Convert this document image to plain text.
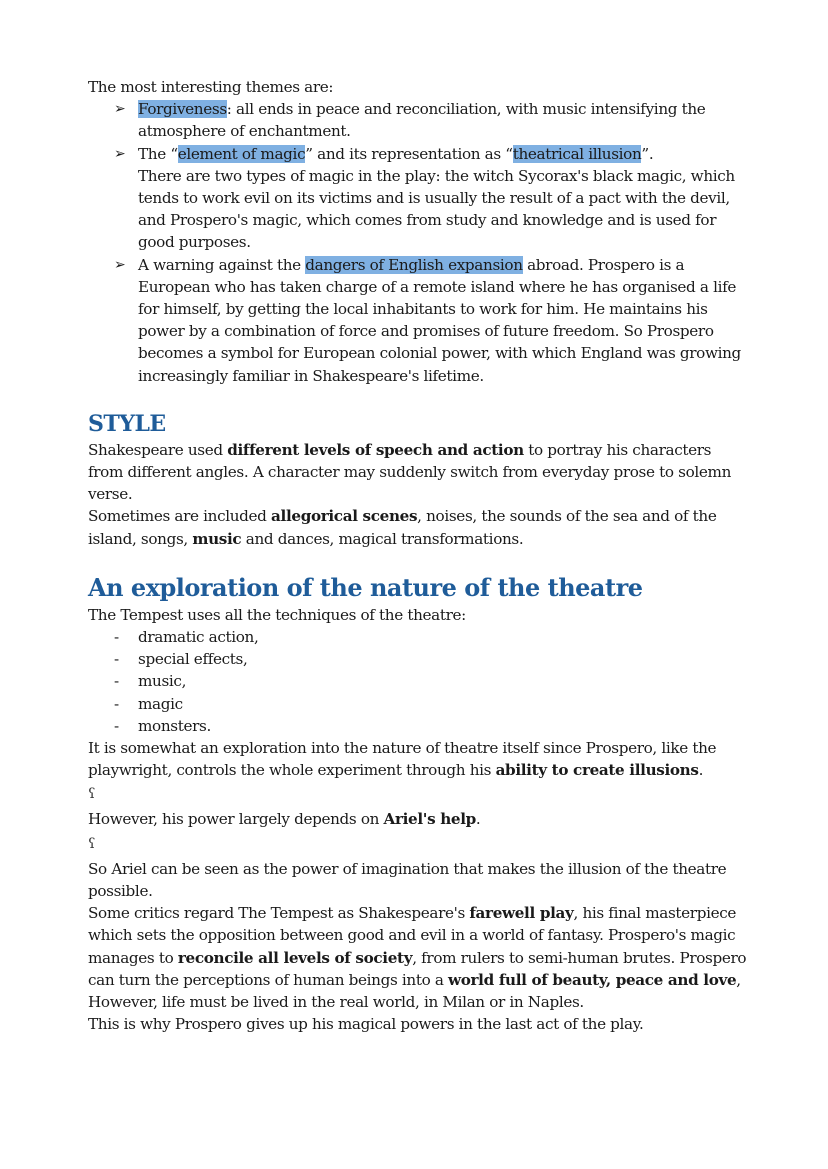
The most interesting themes are:

➢ Forgiveness: all ends in peace and reconciliation, with music intensifying the atmosphere of enchantment.
➢ The “element of magic” and its representation as “theatrical illusion”.
There are two types of magic in the play: the witch Sycorax's black magic, which tends to work evil on its victims and is usually the result of a pact with the devil, and Prospero's magic, which comes from study and knowledge and is used for good purposes.
➢ A warning against the dangers of English expansion abroad. Prospero is a European who has taken charge of a remote island where he has organised a life for himself, by getting the local inhabitants to work for him. He maintains his power by a combination of force and promises of future freedom. So Prospero becomes a symbol for European colonial power, with which England was growing increasingly familiar in Shakespeare's lifetime.
STYLE

Shakespeare used different levels of speech and action to portray his characters from different angles. A character may suddenly switch from everyday prose to solemn verse.

Sometimes are included allegorical scenes, noises, the sounds of the sea and of the island, songs, music and dances, magical transformations.

An exploration of the nature of the theatre

The Tempest uses all the techniques of the theatre:

- dramatic action,
- special effects,
- music,
- magic
- monsters.

It is somewhat an exploration into the nature of theatre itself since Prospero, like the playwright, controls the whole experiment through his ability to create illusions.

ʕ

However, his power largely depends on Ariel's help.

ʕ

So Ariel can be seen as the power of imagination that makes the illusion of the theatre possible.

Some critics regard The Tempest as Shakespeare's farewell play, his final masterpiece which sets the opposition between good and evil in a world of fantasy. Prospero's magic manages to reconcile all levels of society, from rulers to semi-human brutes. Prospero can turn the perceptions of human beings into a world full of beauty, peace and love,

However, life must be lived in the real world, in Milan or in Naples.

This is why Prospero gives up his magical powers in the last act of the play.
